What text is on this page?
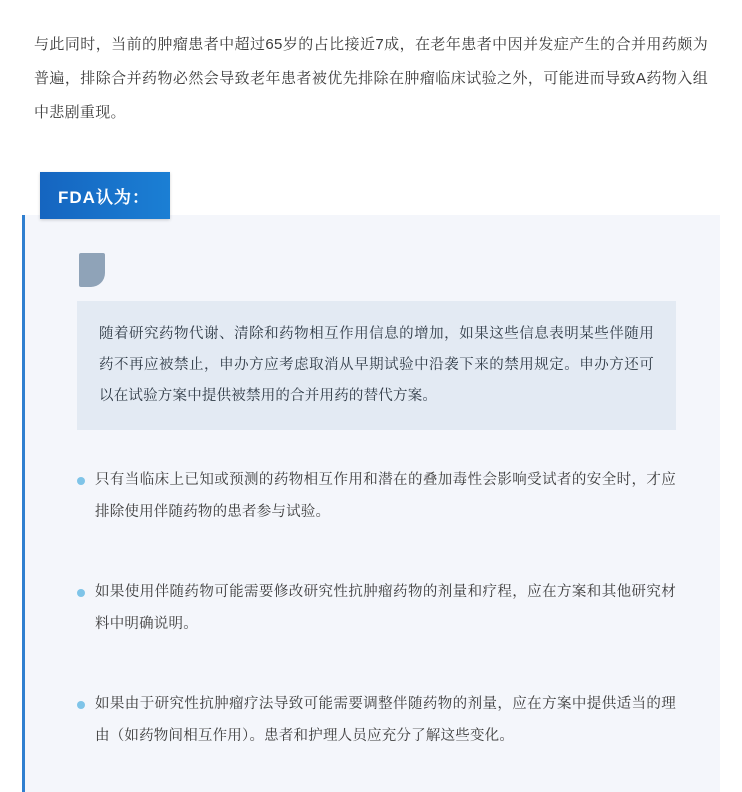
与此同时，当前的肿瘤患者中超过65岁的占比接近7成，在老年患者中因并发症产生的合并用药颇为普遍，排除合并药物必然会导致老年患者被优先排除在肿瘤临床试验之外，可能进而导致A药物入组中悲剧重现。

FDA认为：
随着研究药物代谢、清除和药物相互作用信息的增加，如果这些信息表明某些伴随用药不再应被禁止，申办方应考虑取消从早期试验中沿袭下来的禁用规定。申办方还可以在试验方案中提供被禁用的合并用药的替代方案。
只有当临床上已知或预测的药物相互作用和潜在的叠加毒性会影响受试者的安全时，才应排除使用伴随药物的患者参与试验。
如果使用伴随药物可能需要修改研究性抗肿瘤药物的剂量和疗程，应在方案和其他研究材料中明确说明。
如果由于研究性抗肿瘤疗法导致可能需要调整伴随药物的剂量，应在方案中提供适当的理由（如药物间相互作用）。患者和护理人员应充分了解这些变化。
